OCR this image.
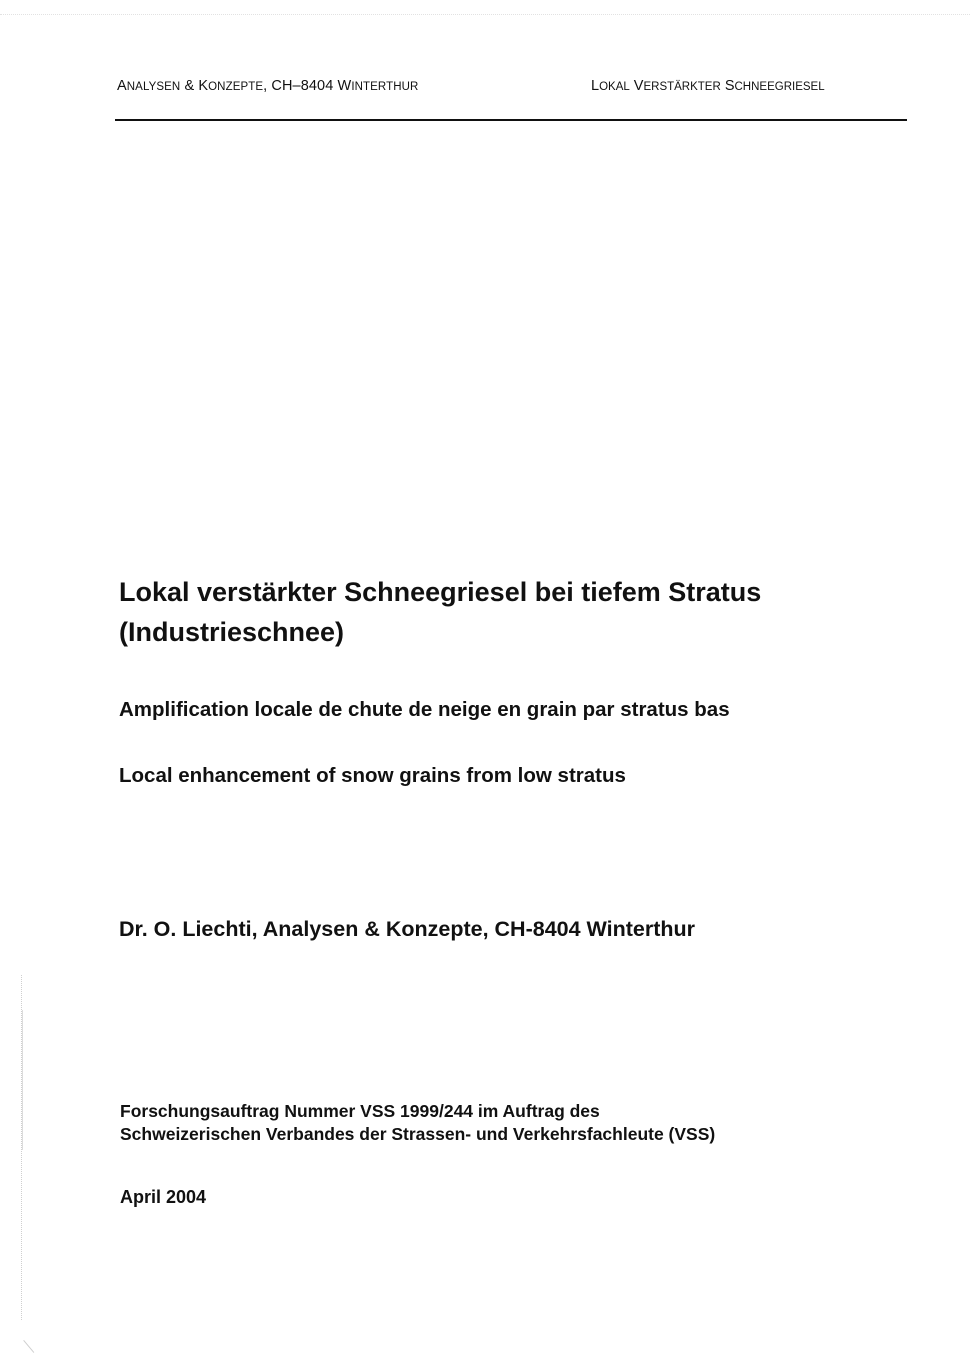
ANALYSEN & KONZEPTE, CH–8404 WINTERTHUR	LOKAL VERSTÄRKTER SCHNEEGRIESEL
Lokal verstärkter Schneegriesel bei tiefem Stratus (Industrieschnee)
Amplification locale de chute de neige en grain par stratus bas
Local enhancement of snow grains from low stratus

Dr. O. Liechti, Analysen & Konzepte, CH-8404 Winterthur

Forschungsauftrag Nummer VSS 1999/244 im Auftrag des
Schweizerischen Verbandes der Strassen- und Verkehrsfachleute (VSS)

April 2004
